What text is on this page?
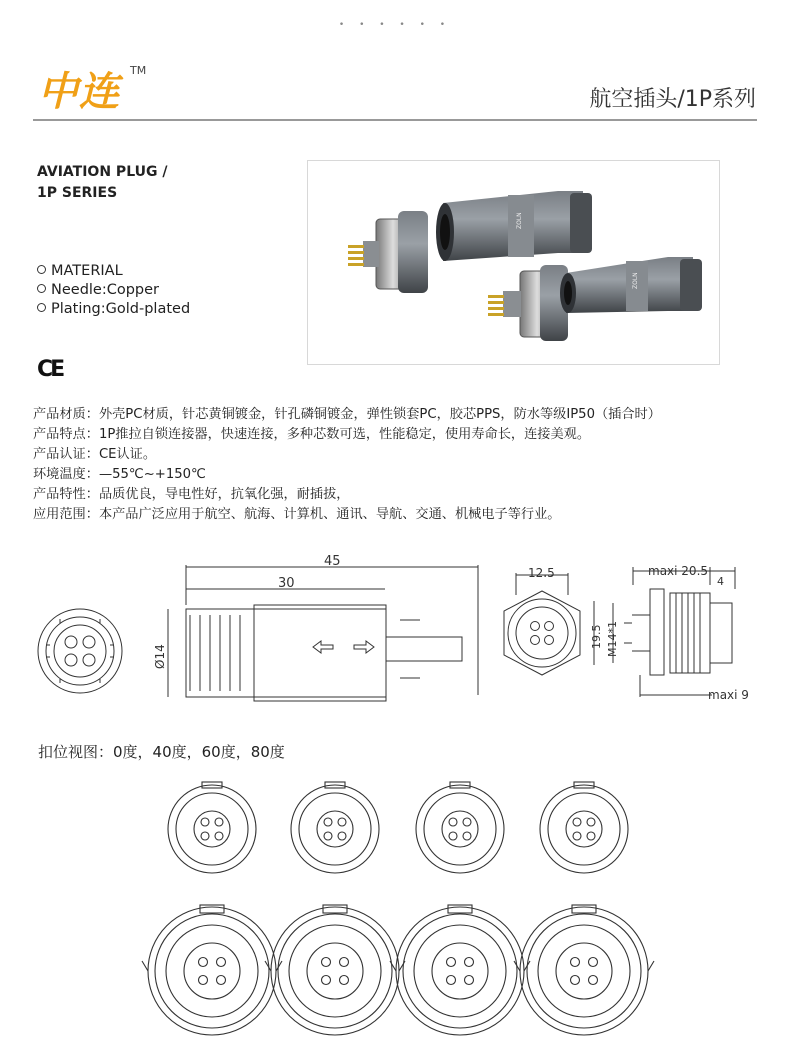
• • • • • •
中连 TM
航空插头/1P系列
AVIATION PLUG /
1P SERIES
MATERIAL
Needle:Copper
Plating:Gold-plated
CE
ZOLN
ZOLN
产品材质：外壳PC材质，针芯黄铜镀金，针孔磷铜镀金，弹性锁套PC，胶芯PPS，防水等级IP50（插合时）
产品特点：1P推拉自锁连接器，快速连接，多种芯数可选，性能稳定，使用寿命长，连接美观。
产品认证：CE认证。
环境温度：—55℃~+150℃
产品特性：品质优良，导电性好，抗氧化强，耐插拔，
应用范围：本产品广泛应用于航空、航海、计算机、通讯、导航、交通、机械电子等行业。
45
30
Ø14
12.5
19.5 M14*1
maxi 20.5
4
maxi 9
扣位视图：0度，40度，60度，80度
